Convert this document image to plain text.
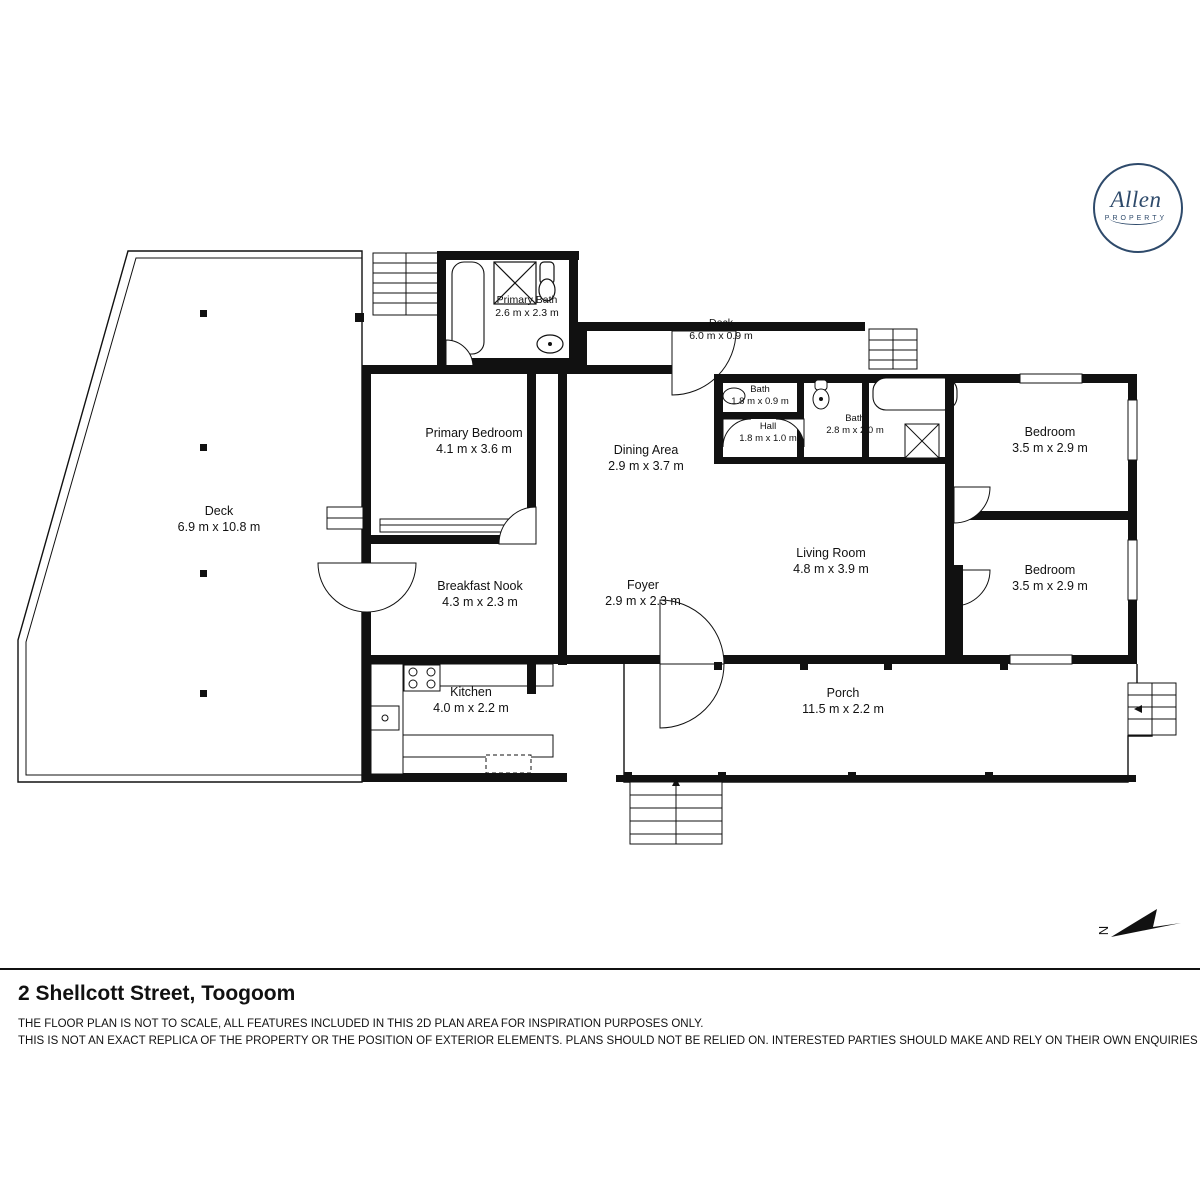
Primary Bath
2.6 m x 2.3 m
Deck
6.0 m x 0.9 m
Bath
1.8 m x 0.9 m
Hall
1.8 m x 1.0 m
Bath
2.8 m x 2.0 m	Bedroom
3.5 m x 2.9 m
Bedroom
3.5 m x 2.9 m
Primary Bedroom
4.1 m x 3.6 m	Dining Area
2.9 m x 3.7 m
Deck
6.9 m x 10.8 m
Living Room
4.8 m x 3.9 m
Breakfast Nook
4.3 m x 2.3 m
Foyer
2.9 m x 2.3 m
Porch
11.5 m x 2.2 m
Kitchen
4.0 m x 2.2 m
Allen
PROPERTY
N
2 Shellcott Street, Toogoom
THE FLOOR PLAN IS NOT TO SCALE, ALL FEATURES INCLUDED IN THIS 2D PLAN AREA FOR INSPIRATION PURPOSES ONLY.
THIS IS NOT AN EXACT REPLICA OF THE PROPERTY OR THE POSITION OF EXTERIOR ELEMENTS. PLANS SHOULD NOT BE RELIED ON. INTERESTED PARTIES SHOULD MAKE AND RELY ON THEIR OWN ENQUIRIES
